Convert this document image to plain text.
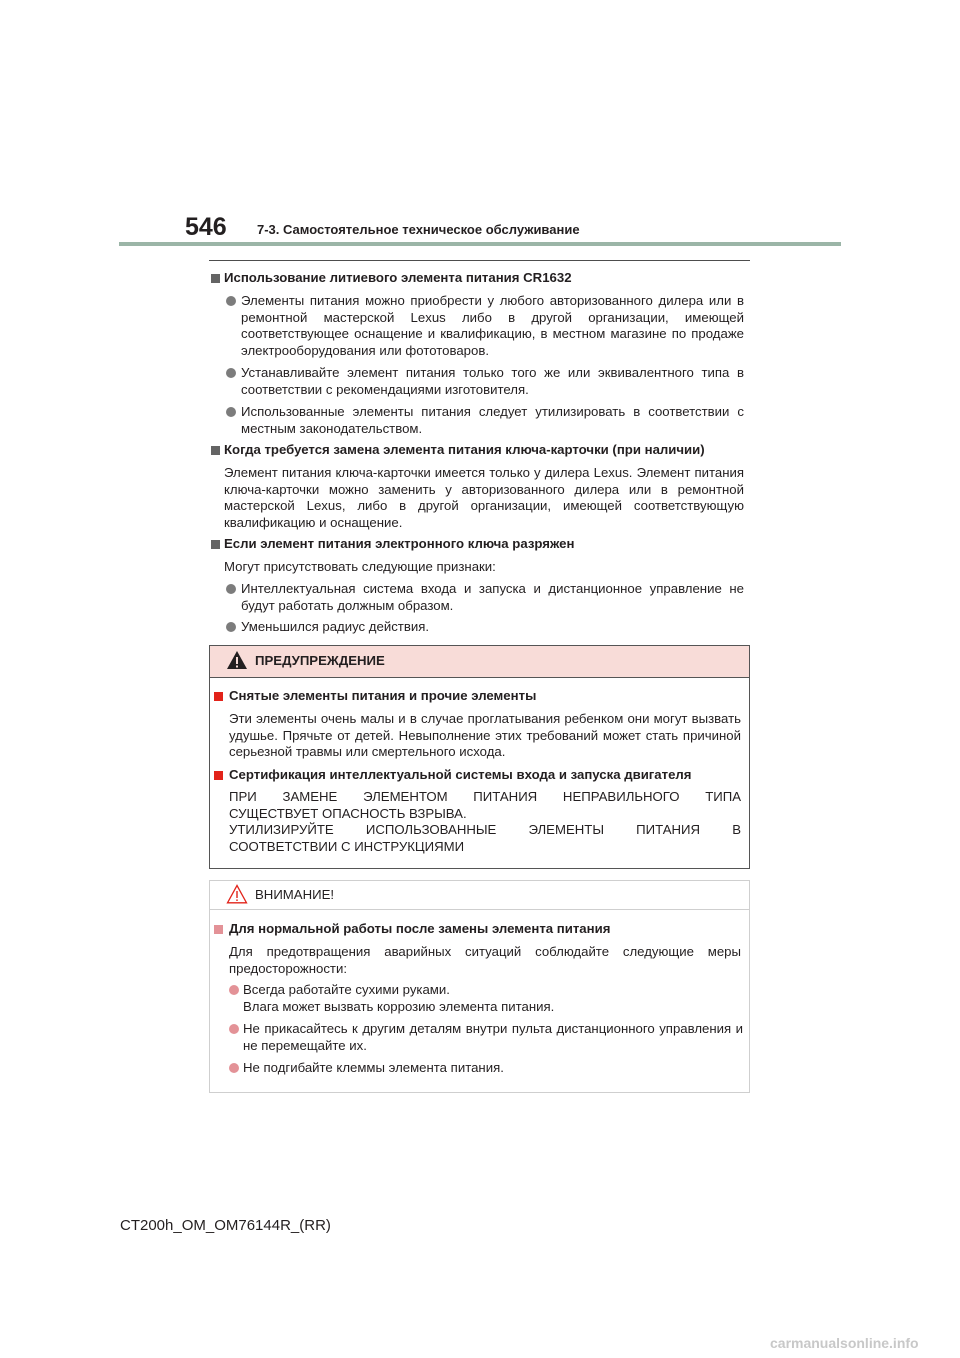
546 7-3. Самостоятельное техническое обслуживание
Использование литиевого элемента питания CR1632
Элементы питания можно приобрести у любого авторизованного дилера или в ремонтной мастерской Lexus либо в другой организации, имеющей соответствующее оснащение и квалификацию, в местном магазине по продаже электрооборудования или фототоваров.
Устанавливайте элемент питания только того же или эквивалентного типа в соответствии с рекомендациями изготовителя.
Использованные элементы питания следует утилизировать в соответствии с местным законодательством.
Когда требуется замена элемента питания ключа-карточки (при наличии)
Элемент питания ключа-карточки имеется только у дилера Lexus. Элемент питания ключа-карточки можно заменить у авторизованного дилера или в ремонтной мастерской Lexus, либо в другой организации, имеющей соответствующую квалификацию и оснащение.
Если элемент питания электронного ключа разряжен
Могут присутствовать следующие признаки:
Интеллектуальная система входа и запуска и дистанционное управление не будут работать должным образом.
Уменьшился радиус действия.
ПРЕДУПРЕЖДЕНИЕ
Снятые элементы питания и прочие элементы
Эти элементы очень малы и в случае проглатывания ребенком они могут вызвать удушье. Прячьте от детей. Невыполнение этих требований может стать причиной серьезной травмы или смертельного исхода.
Сертификация интеллектуальной системы входа и запуска двигателя
ПРИ ЗАМЕНЕ ЭЛЕМЕНТОМ ПИТАНИЯ НЕПРАВИЛЬНОГО ТИПА
СУЩЕСТВУЕТ ОПАСНОСТЬ ВЗРЫВА.
УТИЛИЗИРУЙТЕ ИСПОЛЬЗОВАННЫЕ ЭЛЕМЕНТЫ ПИТАНИЯ В
СООТВЕТСТВИИ С ИНСТРУКЦИЯМИ
ВНИМАНИЕ!
Для нормальной работы после замены элемента питания
Для предотвращения аварийных ситуаций соблюдайте следующие меры предосторожности:
Всегда работайте сухими руками.
Влага может вызвать коррозию элемента питания.
Не прикасайтесь к другим деталям внутри пульта дистанционного управления и не перемещайте их.
Не подгибайте клеммы элемента питания.
CT200h_OM_OM76144R_(RR)
carmanualsonline.info
